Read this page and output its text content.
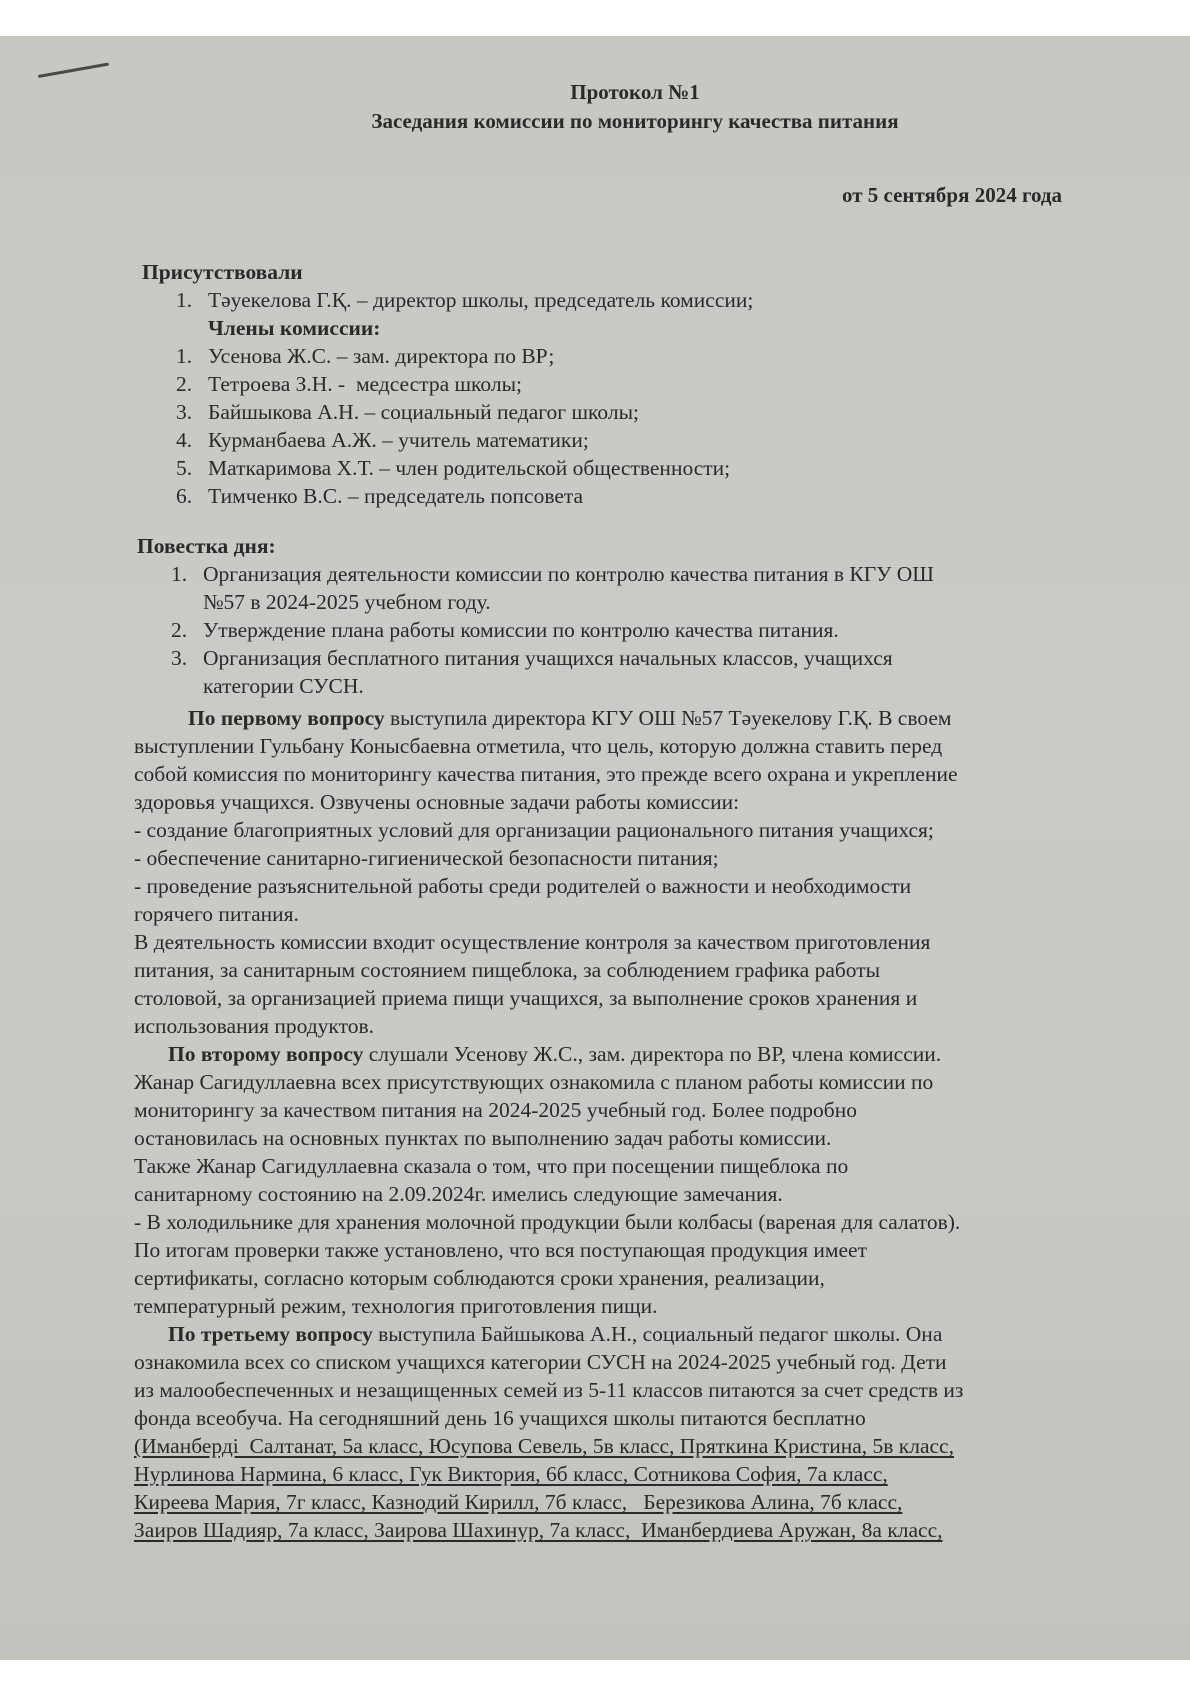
Протокол №1
Заседания комиссии по мониторингу качества питания
от 5 сентября 2024 года
Присутствовали
1. Тәуекелова Г.Қ. – директор школы, председатель комиссии;
Члены комиссии:
1. Усенова Ж.С. – зам. директора по ВР;
2. Тетроева З.Н. -  медсестра школы;
3. Байшыкова А.Н. – социальный педагог школы;
4. Курманбаева А.Ж. – учитель математики;
5. Маткаримова Х.Т. – член родительской общественности;
6. Тимченко В.С. – председатель попсовета
Повестка дня:
1. Организация деятельности комиссии по контролю качества питания в КГУ ОШ
№57 в 2024-2025 учебном году.
2. Утверждение плана работы комиссии по контролю качества питания.
3. Организация бесплатного питания учащихся начальных классов, учащихся
категории СУСН.
По первому вопросу выступила директора КГУ ОШ №57 Тәуекелову Г.Қ. В своем
выступлении Гульбану Конысбаевна отметила, что цель, которую должна ставить перед
собой комиссия по мониторингу качества питания, это прежде всего охрана и укрепление
здоровья учащихся. Озвучены основные задачи работы комиссии:
- создание благоприятных условий для организации рационального питания учащихся;
- обеспечение санитарно-гигиенической безопасности питания;
- проведение разъяснительной работы среди родителей о важности и необходимости
горячего питания.
В деятельность комиссии входит осуществление контроля за качеством приготовления
питания, за санитарным состоянием пищеблока, за соблюдением графика работы
столовой, за организацией приема пищи учащихся, за выполнение сроков хранения и
использования продуктов.
По второму вопросу слушали Усенову Ж.С., зам. директора по ВР, члена комиссии.
Жанар Сагидуллаевна всех присутствующих ознакомила с планом работы комиссии по
мониторингу за качеством питания на 2024-2025 учебный год. Более подробно
остановилась на основных пунктах по выполнению задач работы комиссии.
Также Жанар Сагидуллаевна сказала о том, что при посещении пищеблока по
санитарному состоянию на 2.09.2024г. имелись следующие замечания.
- В холодильнике для хранения молочной продукции были колбасы (вареная для салатов).
По итогам проверки также установлено, что вся поступающая продукция имеет
сертификаты, согласно которым соблюдаются сроки хранения, реализации,
температурный режим, технология приготовления пищи.
По третьему вопросу выступила Байшыкова А.Н., социальный педагог школы. Она
ознакомила всех со списком учащихся категории СУСН на 2024-2025 учебный год. Дети
из малообеспеченных и незащищенных семей из 5-11 классов питаются за счет средств из
фонда всеобуча. На сегодняшний день 16 учащихся школы питаются бесплатно
(Иманберді  Салтанат, 5а класс, Юсупова Севель, 5в класс, Пряткина Кристина, 5в класс,
Нурлинова Нармина, 6 класс, Гук Виктория, 6б класс, Сотникова София, 7а класс,
Киреева Мария, 7г класс, Казнодий Кирилл, 7б класс,   Березикова Алина, 7б класс,
Заиров Шадияр, 7а класс, Заирова Шахинур, 7а класс,  Иманбердиева Аружан, 8а класс,
